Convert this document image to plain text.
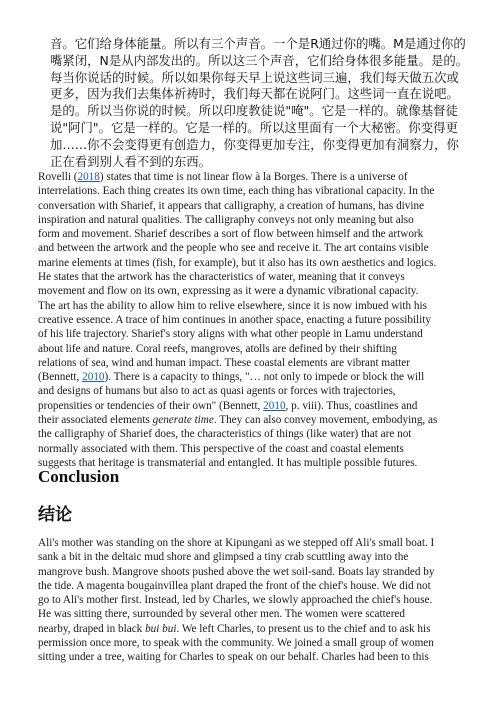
音。它们给身体能量。所以有三个声音。一个是R通过你的嘴。M是通过你的
嘴紧闭，N是从内部发出的。所以这三个声音，它们给身体很多能量。是的。
每当你说话的时候。所以如果你每天早上说这些词三遍，我们每天做五次或
更多，因为我们去集体祈祷时，我们每天都在说阿门。这些词一直在说吧。
是的。所以当你说的时候。所以印度教徒说"唵"。它是一样的。就像基督徒
说"阿门"。它是一样的。它是一样的。所以这里面有一个大秘密。你变得更
加……你不会变得更有创造力，你变得更加专注，你变得更加有洞察力，你
正在看到别人看不到的东西。
Rovelli (2018) states that time is not linear flow à la Borges. There is a universe of
interrelations. Each thing creates its own time, each thing has vibrational capacity. In the
conversation with Sharief, it appears that calligraphy, a creation of humans, has divine
inspiration and natural qualities. The calligraphy conveys not only meaning but also
form and movement. Sharief describes a sort of flow between himself and the artwork
and between the artwork and the people who see and receive it. The art contains visible
marine elements at times (fish, for example), but it also has its own aesthetics and logics.
He states that the artwork has the characteristics of water, meaning that it conveys
movement and flow on its own, expressing as it were a dynamic vibrational capacity.
The art has the ability to allow him to relive elsewhere, since it is now imbued with his
creative essence. A trace of him continues in another space, enacting a future possibility
of his life trajectory. Sharief's story aligns with what other people in Lamu understand
about life and nature. Coral reefs, mangroves, atolls are defined by their shifting
relations of sea, wind and human impact. These coastal elements are vibrant matter
(Bennett, 2010). There is a capacity to things, "… not only to impede or block the will
and designs of humans but also to act as quasi agents or forces with trajectories,
propensities or tendencies of their own" (Bennett, 2010, p. viii). Thus, coastlines and
their associated elements generate time. They can also convey movement, embodying, as
the calligraphy of Sharief does, the characteristics of things (like water) that are not
normally associated with them. This perspective of the coast and coastal elements
suggests that heritage is transmaterial and entangled. It has multiple possible futures.
Conclusion
结论
Ali's mother was standing on the shore at Kipungani as we stepped off Ali's small boat. I
sank a bit in the deltaic mud shore and glimpsed a tiny crab scuttling away into the
mangrove bush. Mangrove shoots pushed above the wet soil-sand. Boats lay stranded by
the tide. A magenta bougainvillea plant draped the front of the chief's house. We did not
go to Ali's mother first. Instead, led by Charles, we slowly approached the chief's house.
He was sitting there, surrounded by several other men. The women were scattered
nearby, draped in black bui bui. We left Charles, to present us to the chief and to ask his
permission once more, to speak with the community. We joined a small group of women
sitting under a tree, waiting for Charles to speak on our behalf. Charles had been to this
